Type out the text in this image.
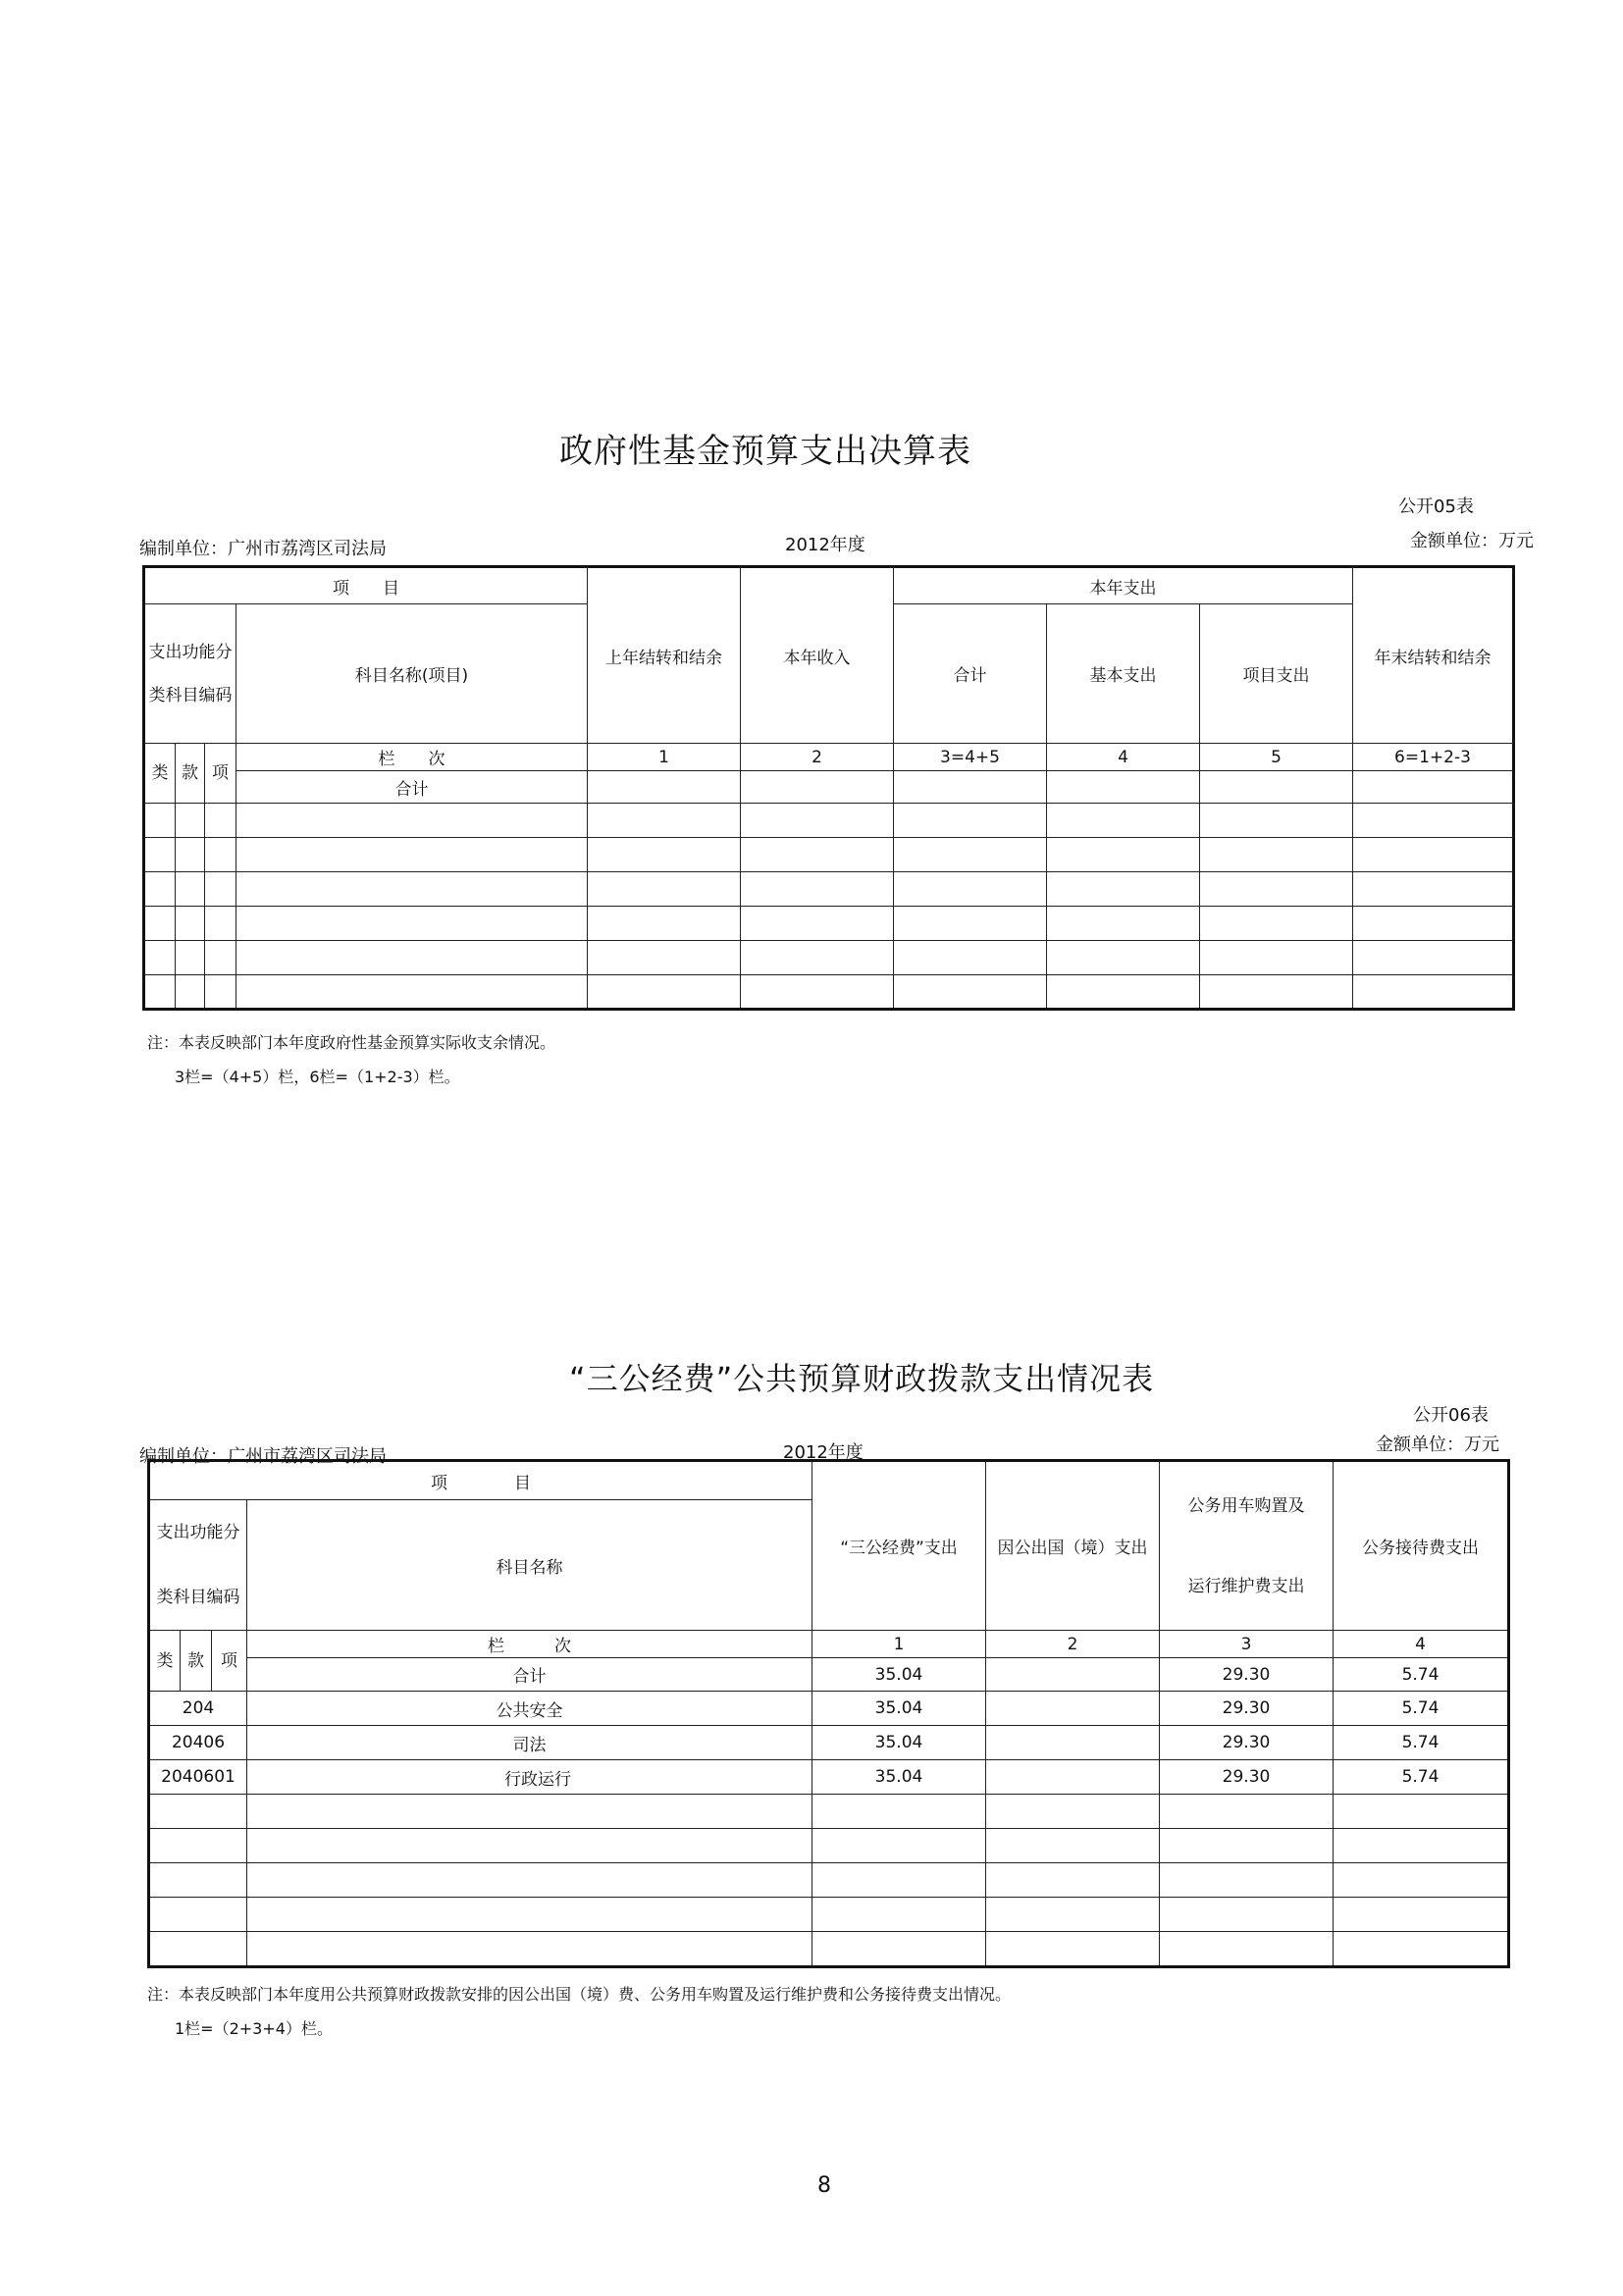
政府性基金预算支出决算表
公开05表
编制单位：广州市荔湾区司法局	2012年度	金额单位：万元
项　　目				上年结转和结余	本年收入	本年支出			年末结转和结余
支出功能分
类科目编码			科目名称(项目)			合计	基本支出	项目支出	
类	款	项	栏　　次	1	2	3=4+5	4	5	6=1+2-3
			合计						

注：本表反映部门本年度政府性基金预算实际收支余情况。
3栏=（4+5）栏，6栏=（1+2-3）栏。
“三公经费”公共预算财政拨款支出情况表
公开06表
编制单位：广州市荔湾区司法局	2012年度	金额单位：万元
项　　　　目				“三公经费”支出	因公出国（境）支出	公务用车购置及
运行维护费支出	公务接待费支出
支出功能分
类科目编码			科目名称				
类	款	项	栏　　　次	1	2	3	4
			合计	35.04		29.30	5.74
204			公共安全	35.04		29.30	5.74
20406			司法	35.04		29.30	5.74
2040601			　行政运行	35.04		29.30	5.74

注：本表反映部门本年度用公共预算财政拨款安排的因公出国（境）费、公务用车购置及运行维护费和公务接待费支出情况。
1栏=（2+3+4）栏。
8
